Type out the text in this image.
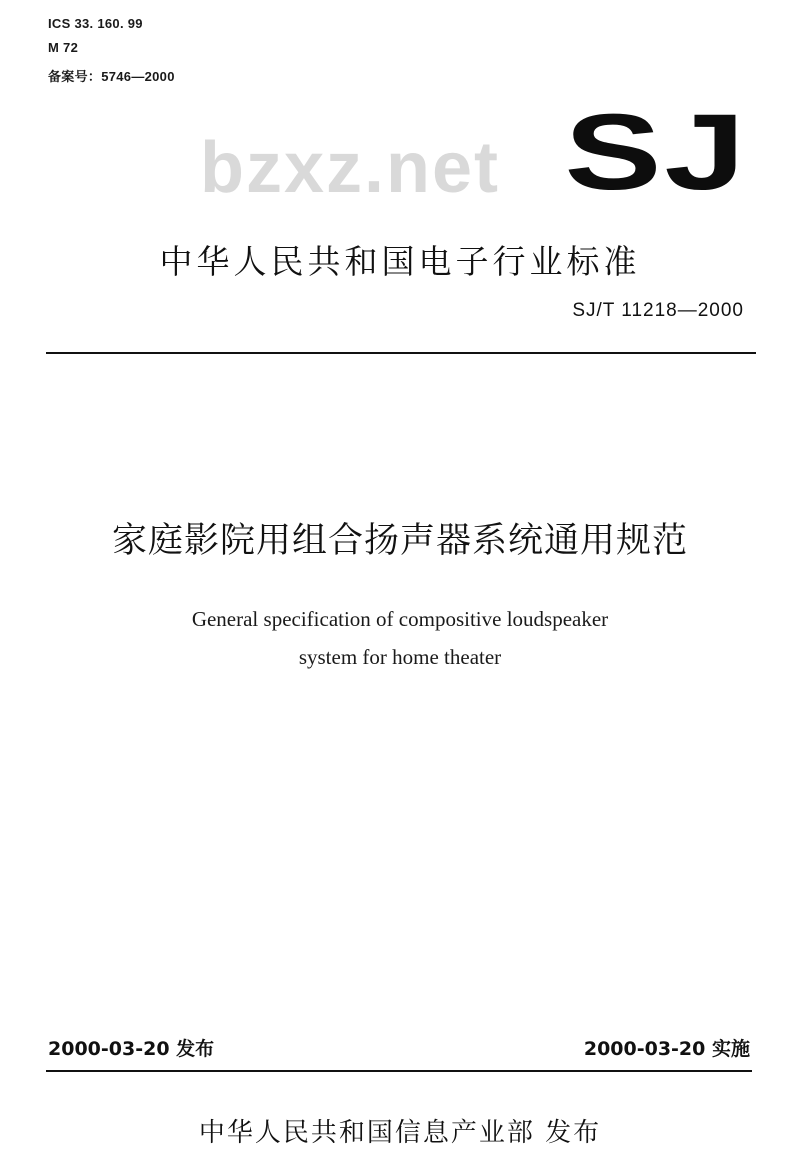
ICS 33. 160. 99
M 72
备案号：5746—2000
bzxz.net SJ
中华人民共和国电子行业标准
SJ/T 11218—2000
家庭影院用组合扬声器系统通用规范
General specification of compositive loudspeaker
system for home theater
2000-03-20 发布	2000-03-20 实施
中华人民共和国信息产业部 发布
